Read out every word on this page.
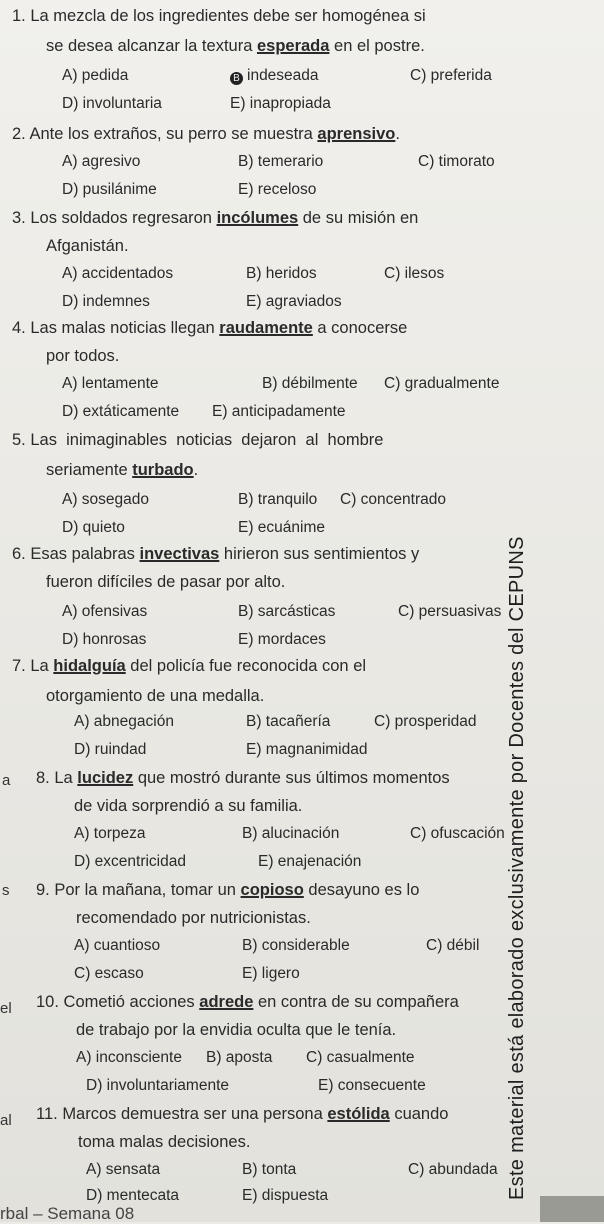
1. La mezcla de los ingredientes debe ser homogénea si
se desea alcanzar la textura esperada en el postre.
A) pedida	B indeseada	C) preferida
D) involuntaria	E) inapropiada
2. Ante los extraños, su perro se muestra aprensivo.
A) agresivo	B) temerario	C) timorato
D) pusilánime	E) receloso
3. Los soldados regresaron incólumes de su misión en
Afganistán.
A) accidentados	B) heridos	C) ilesos
D) indemnes	E) agraviados
4. Las malas noticias llegan raudamente a conocerse
por todos.
A) lentamente	B) débilmente C) gradualmente
D) extáticamente E) anticipadamente
5. Las  inimaginables  noticias  dejaron  al  hombre
seriamente turbado.
A) sosegado	B) tranquilo C) concentrado
D) quieto	E) ecuánime
6. Esas palabras invectivas hirieron sus sentimientos y
fueron difíciles de pasar por alto.
A) ofensivas	B) sarcásticas	C) persuasivas
D) honrosas	E) mordaces
7. La hidalguía del policía fue reconocida con el
otorgamiento de una medalla.
A) abnegación	B) tacañería	C) prosperidad
D) ruindad	E) magnanimidad
8. La lucidez que mostró durante sus últimos momentos
de vida sorprendió a su familia.
A) torpeza	B) alucinación	C) ofuscación
D) excentricidad	E) enajenación
9. Por la mañana, tomar un copioso desayuno es lo
recomendado por nutricionistas.
A) cuantioso	B) considerable	C) débil
C) escaso	E) ligero
10. Cometió acciones adrede en contra de su compañera
de trabajo por la envidia oculta que le tenía.
A) inconsciente B) aposta C) casualmente
D) involuntariamente	E) consecuente
11. Marcos demuestra ser una persona estólida cuando
toma malas decisiones.
A) sensata	B) tonta	C) abundada
D) mentecata	E) dispuesta
a
s
el
al	Este material está elaborado exclusivamente por Docentes del CEPUNS
rbal – Semana 08
